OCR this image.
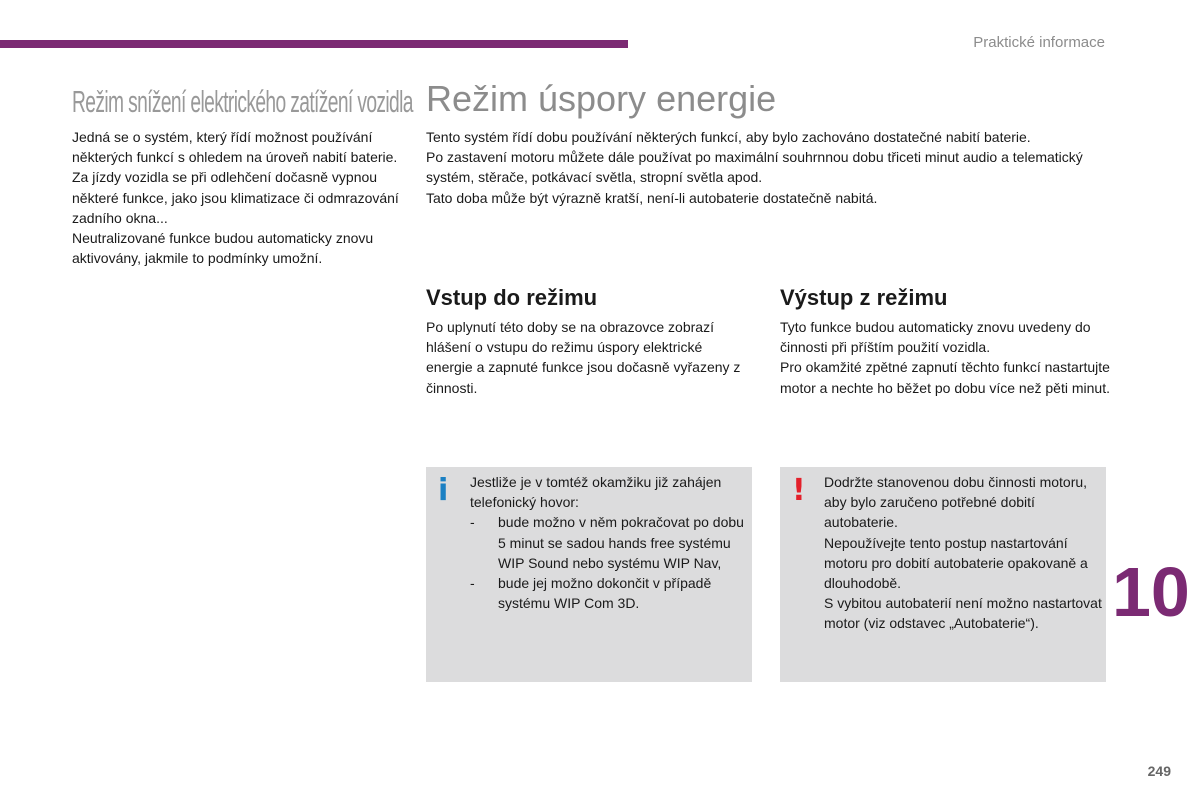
Praktické informace
Režim snížení elektrického zatížení vozidla

Jedná se o systém, který řídí možnost používání některých funkcí s ohledem na úroveň nabití baterie.

Za jízdy vozidla se při odlehčení dočasně vypnou některé funkce, jako jsou klimatizace či odmrazování zadního okna...

Neutralizované funkce budou automaticky znovu aktivovány, jakmile to podmínky umožní.

Režim úspory energie

Tento systém řídí dobu používání některých funkcí, aby bylo zachováno dostatečné nabití baterie.

Po zastavení motoru můžete dále používat po maximální souhrnnou dobu třiceti minut audio a telematický systém, stěrače, potkávací světla, stropní světla apod.

Tato doba může být výrazně kratší, není-li autobaterie dostatečně nabitá.

Vstup do režimu

Po uplynutí této doby se na obrazovce zobrazí hlášení o vstupu do režimu úspory elektrické energie a zapnuté funkce jsou dočasně vyřazeny z činnosti.

Výstup z režimu

Tyto funkce budou automaticky znovu uvedeny do činnosti při příštím použití vozidla.

Pro okamžité zpětné zapnutí těchto funkcí nastartujte motor a nechte ho běžet po dobu více než pěti minut.

i Jestliže je v tomtéž okamžiku již zahájen telefonický hovor:

- bude možno v něm pokračovat po dobu 5 minut se sadou hands free systému WIP Sound nebo systému WIP Nav,
- bude jej možno dokončit v případě systému WIP Com 3D.
! Dodržte stanovenou dobu činnosti motoru, aby bylo zaručeno potřebné dobití autobaterie.

Nepoužívejte tento postup nastartování motoru pro dobití autobaterie opakovaně a dlouhodobě.

S vybitou autobaterií není možno nastartovat motor (viz odstavec „Autobaterie“).	10
249
